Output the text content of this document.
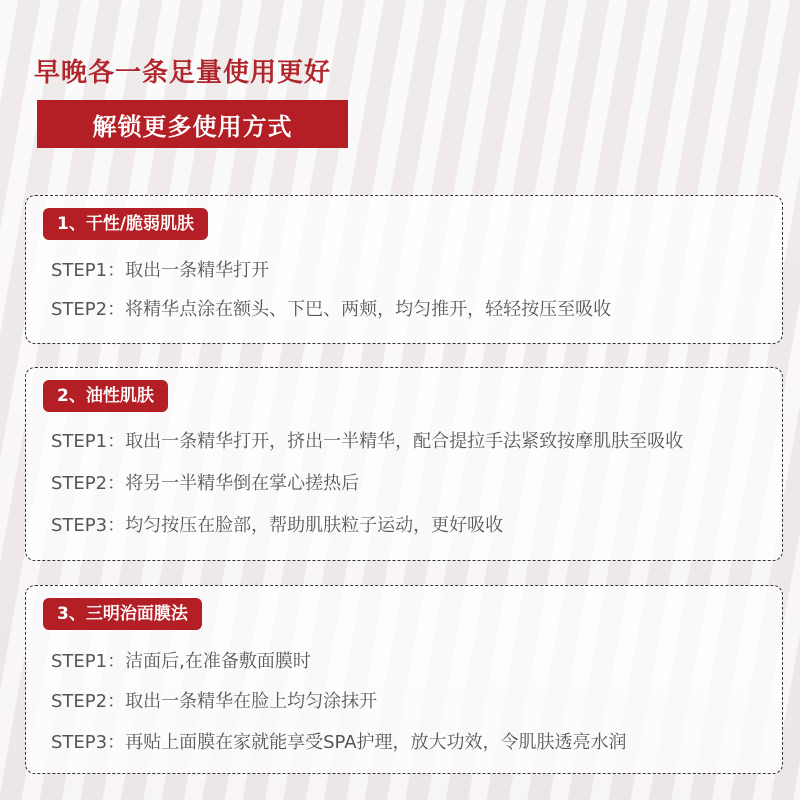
早晚各一条足量使用更好
解锁更多使用方式
1、干性/脆弱肌肤
STEP1：取出一条精华打开
STEP2：将精华点涂在额头、下巴、两颊，均匀推开，轻轻按压至吸收
2、油性肌肤
STEP1：取出一条精华打开，挤出一半精华，配合提拉手法紧致按摩肌肤至吸收
STEP2：将另一半精华倒在掌心搓热后
STEP3：均匀按压在脸部，帮助肌肤粒子运动，更好吸收
3、三明治面膜法
STEP1：洁面后,在准备敷面膜时
STEP2：取出一条精华在脸上均匀涂抹开
STEP3：再贴上面膜在家就能享受SPA护理，放大功效，令肌肤透亮水润
